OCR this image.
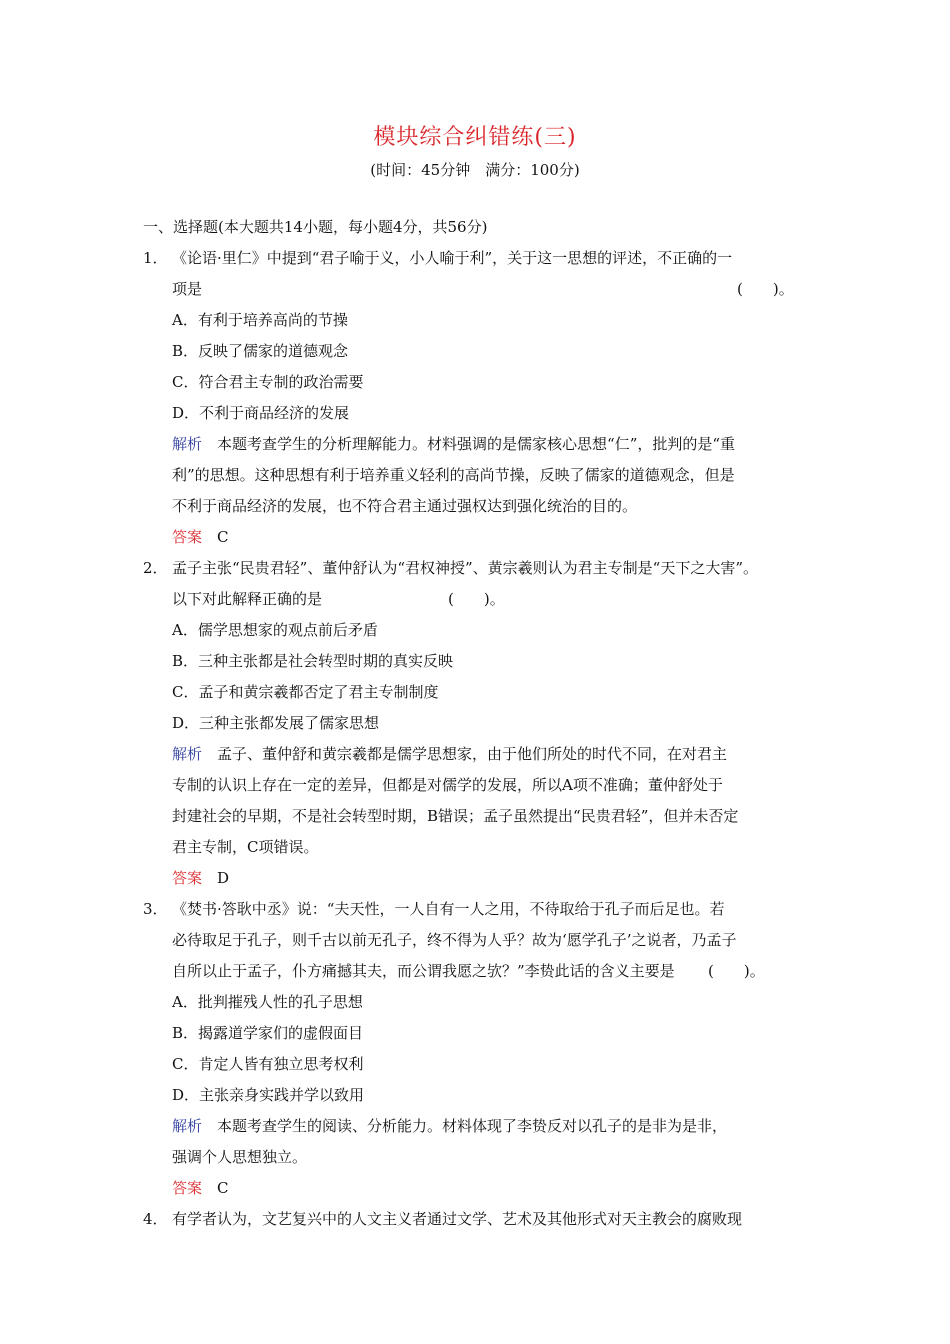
模块综合纠错练(三)
(时间：45分钟　满分：100分)
一、选择题(本大题共14小题，每小题4分，共56分)
1． 《论语·里仁》中提到“君子喻于义，小人喻于利”，关于这一思想的评述，不正确的一
项是	(　　)。
A．有利于培养高尚的节操
B．反映了儒家的道德观念
C．符合君主专制的政治需要
D．不利于商品经济的发展
解析　 本题考查学生的分析理解能力。材料强调的是儒家核心思想“仁”，批判的是“重
利”的思想。这种思想有利于培养重义轻利的高尚节操，反映了儒家的道德观念，但是
不利于商品经济的发展，也不符合君主通过强权达到强化统治的目的。
答案　 C
2． 孟子主张“民贵君轻”、董仲舒认为“君权神授”、黄宗羲则认为君主专制是“天下之大害”。
以下对此解释正确的是	(　　)。
A．儒学思想家的观点前后矛盾
B．三种主张都是社会转型时期的真实反映
C．孟子和黄宗羲都否定了君主专制制度
D．三种主张都发展了儒家思想
解析　 孟子、董仲舒和黄宗羲都是儒学思想家，由于他们所处的时代不同，在对君主
专制的认识上存在一定的差异，但都是对儒学的发展，所以A项不准确；董仲舒处于
封建社会的早期，不是社会转型时期，B错误；孟子虽然提出“民贵君轻”，但并未否定
君主专制，C项错误。
答案　 D
3． 《焚书·答耿中丞》说：“夫天性，一人自有一人之用，不待取给于孔子而后足也。若
必待取足于孔子，则千古以前无孔子，终不得为人乎？故为‘愿学孔子’之说者，乃孟子
自所以止于孟子，仆方痛撼其夫，而公谓我愿之欤？”李贽此话的含义主要是 (　　)。
A．批判摧残人性的孔子思想
B．揭露道学家们的虚假面目
C．肯定人皆有独立思考权利
D．主张亲身实践并学以致用
解析　 本题考查学生的阅读、分析能力。材料体现了李贽反对以孔子的是非为是非，
强调个人思想独立。
答案　 C
4． 有学者认为，文艺复兴中的人文主义者通过文学、艺术及其他形式对天主教会的腐败现
